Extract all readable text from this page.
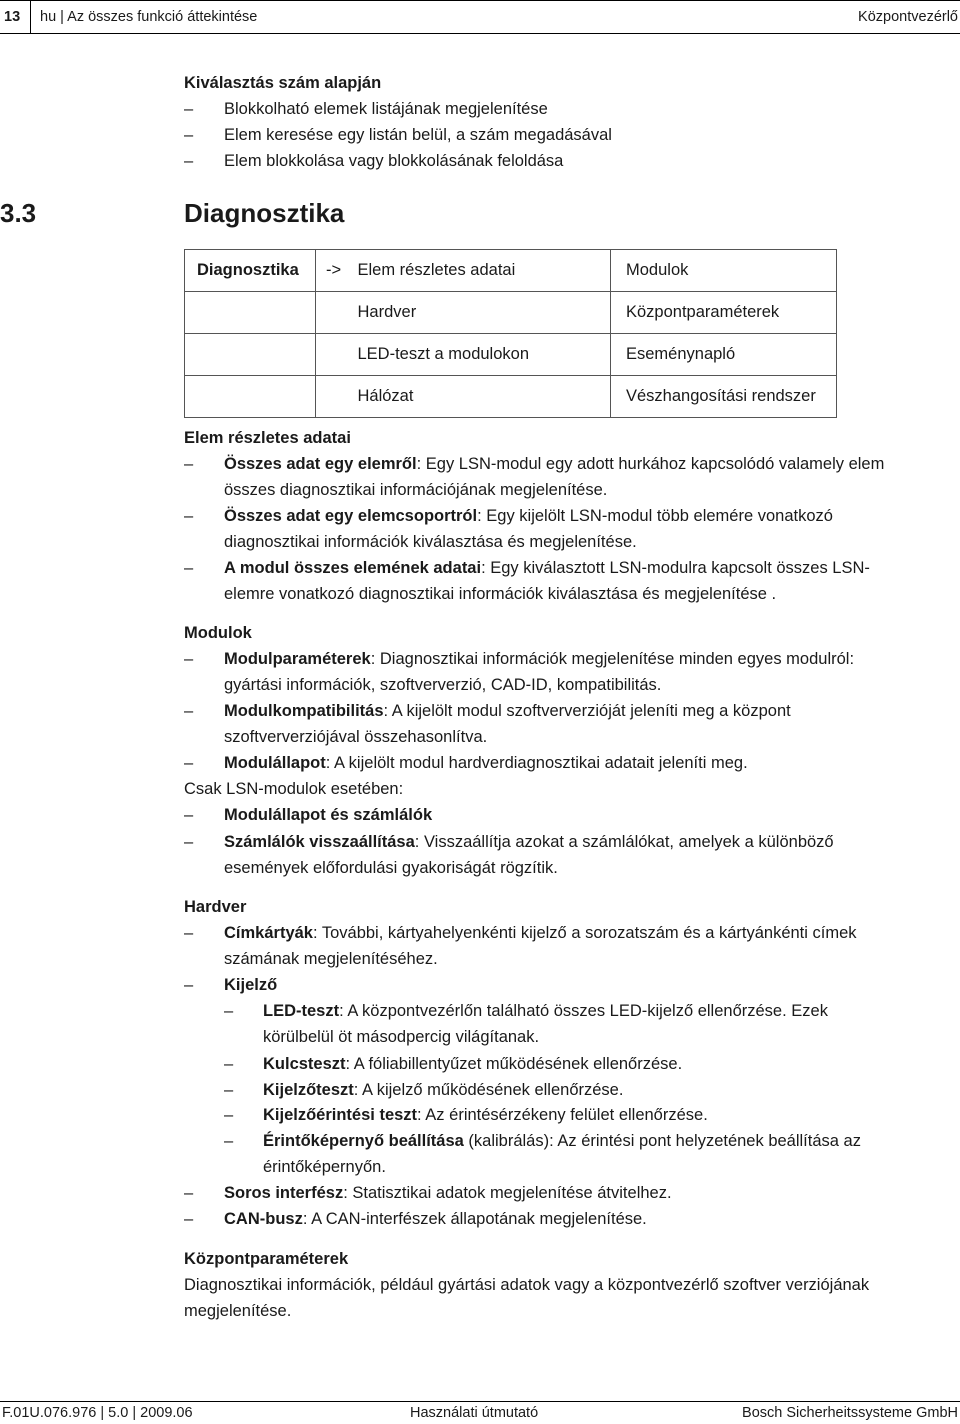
13 hu | Az összes funkció áttekintése	Központvezérlő
Kiválasztás szám alapján
– Blokkolható elemek listájának megjelenítése
– Elem keresése egy listán belül, a szám megadásával
– Elem blokkolása vagy blokkolásának feloldása
3.3	Diagnosztika
Diagnosztika	->	Elem részletes adatai	Modulok
		Hardver	Központparaméterek
		LED-teszt a modulokon	Eseménynapló
		Hálózat	Vészhangosítási rendszer
Elem részletes adatai
– Összes adat egy elemről: Egy LSN-modul egy adott hurkához kapcsolódó valamely elem
összes diagnosztikai információjának megjelenítése.
– Összes adat egy elemcsoportról: Egy kijelölt LSN-modul több elemére vonatkozó
diagnosztikai információk kiválasztása és megjelenítése.
– A modul összes elemének adatai: Egy kiválasztott LSN-modulra kapcsolt összes LSN-
elemre vonatkozó diagnosztikai információk kiválasztása és megjelenítése .
Modulok
– Modulparaméterek: Diagnosztikai információk megjelenítése minden egyes modulról:
gyártási információk, szoftververzió, CAD-ID, kompatibilitás.
– Modulkompatibilitás: A kijelölt modul szoftververzióját jeleníti meg a központ
szoftververziójával összehasonlítva.
– Modulállapot: A kijelölt modul hardverdiagnosztikai adatait jeleníti meg.
Csak LSN-modulok esetében:
– Modulállapot és számlálók
– Számlálók visszaállítása: Visszaállítja azokat a számlálókat, amelyek a különböző
események előfordulási gyakoriságát rögzítik.
Hardver
– Címkártyák: További, kártyahelyenkénti kijelző a sorozatszám és a kártyánkénti címek
számának megjelenítéséhez.
– Kijelző
– LED-teszt: A központvezérlőn található összes LED-kijelző ellenőrzése. Ezek
körülbelül öt másodpercig világítanak.
– Kulcsteszt: A fóliabillentyűzet működésének ellenőrzése.
– Kijelzőteszt: A kijelző működésének ellenőrzése.
– Kijelzőérintési teszt: Az érintésérzékeny felület ellenőrzése.
– Érintőképernyő beállítása (kalibrálás): Az érintési pont helyzetének beállítása az
érintőképernyőn.
– Soros interfész: Statisztikai adatok megjelenítése átvitelhez.
– CAN-busz: A CAN-interfészek állapotának megjelenítése.
Központparaméterek
Diagnosztikai információk, például gyártási adatok vagy a központvezérlő szoftver verziójának
megjelenítése.
F.01U.076.976 | 5.0 | 2009.06	Használati útmutató	Bosch Sicherheitssysteme GmbH
